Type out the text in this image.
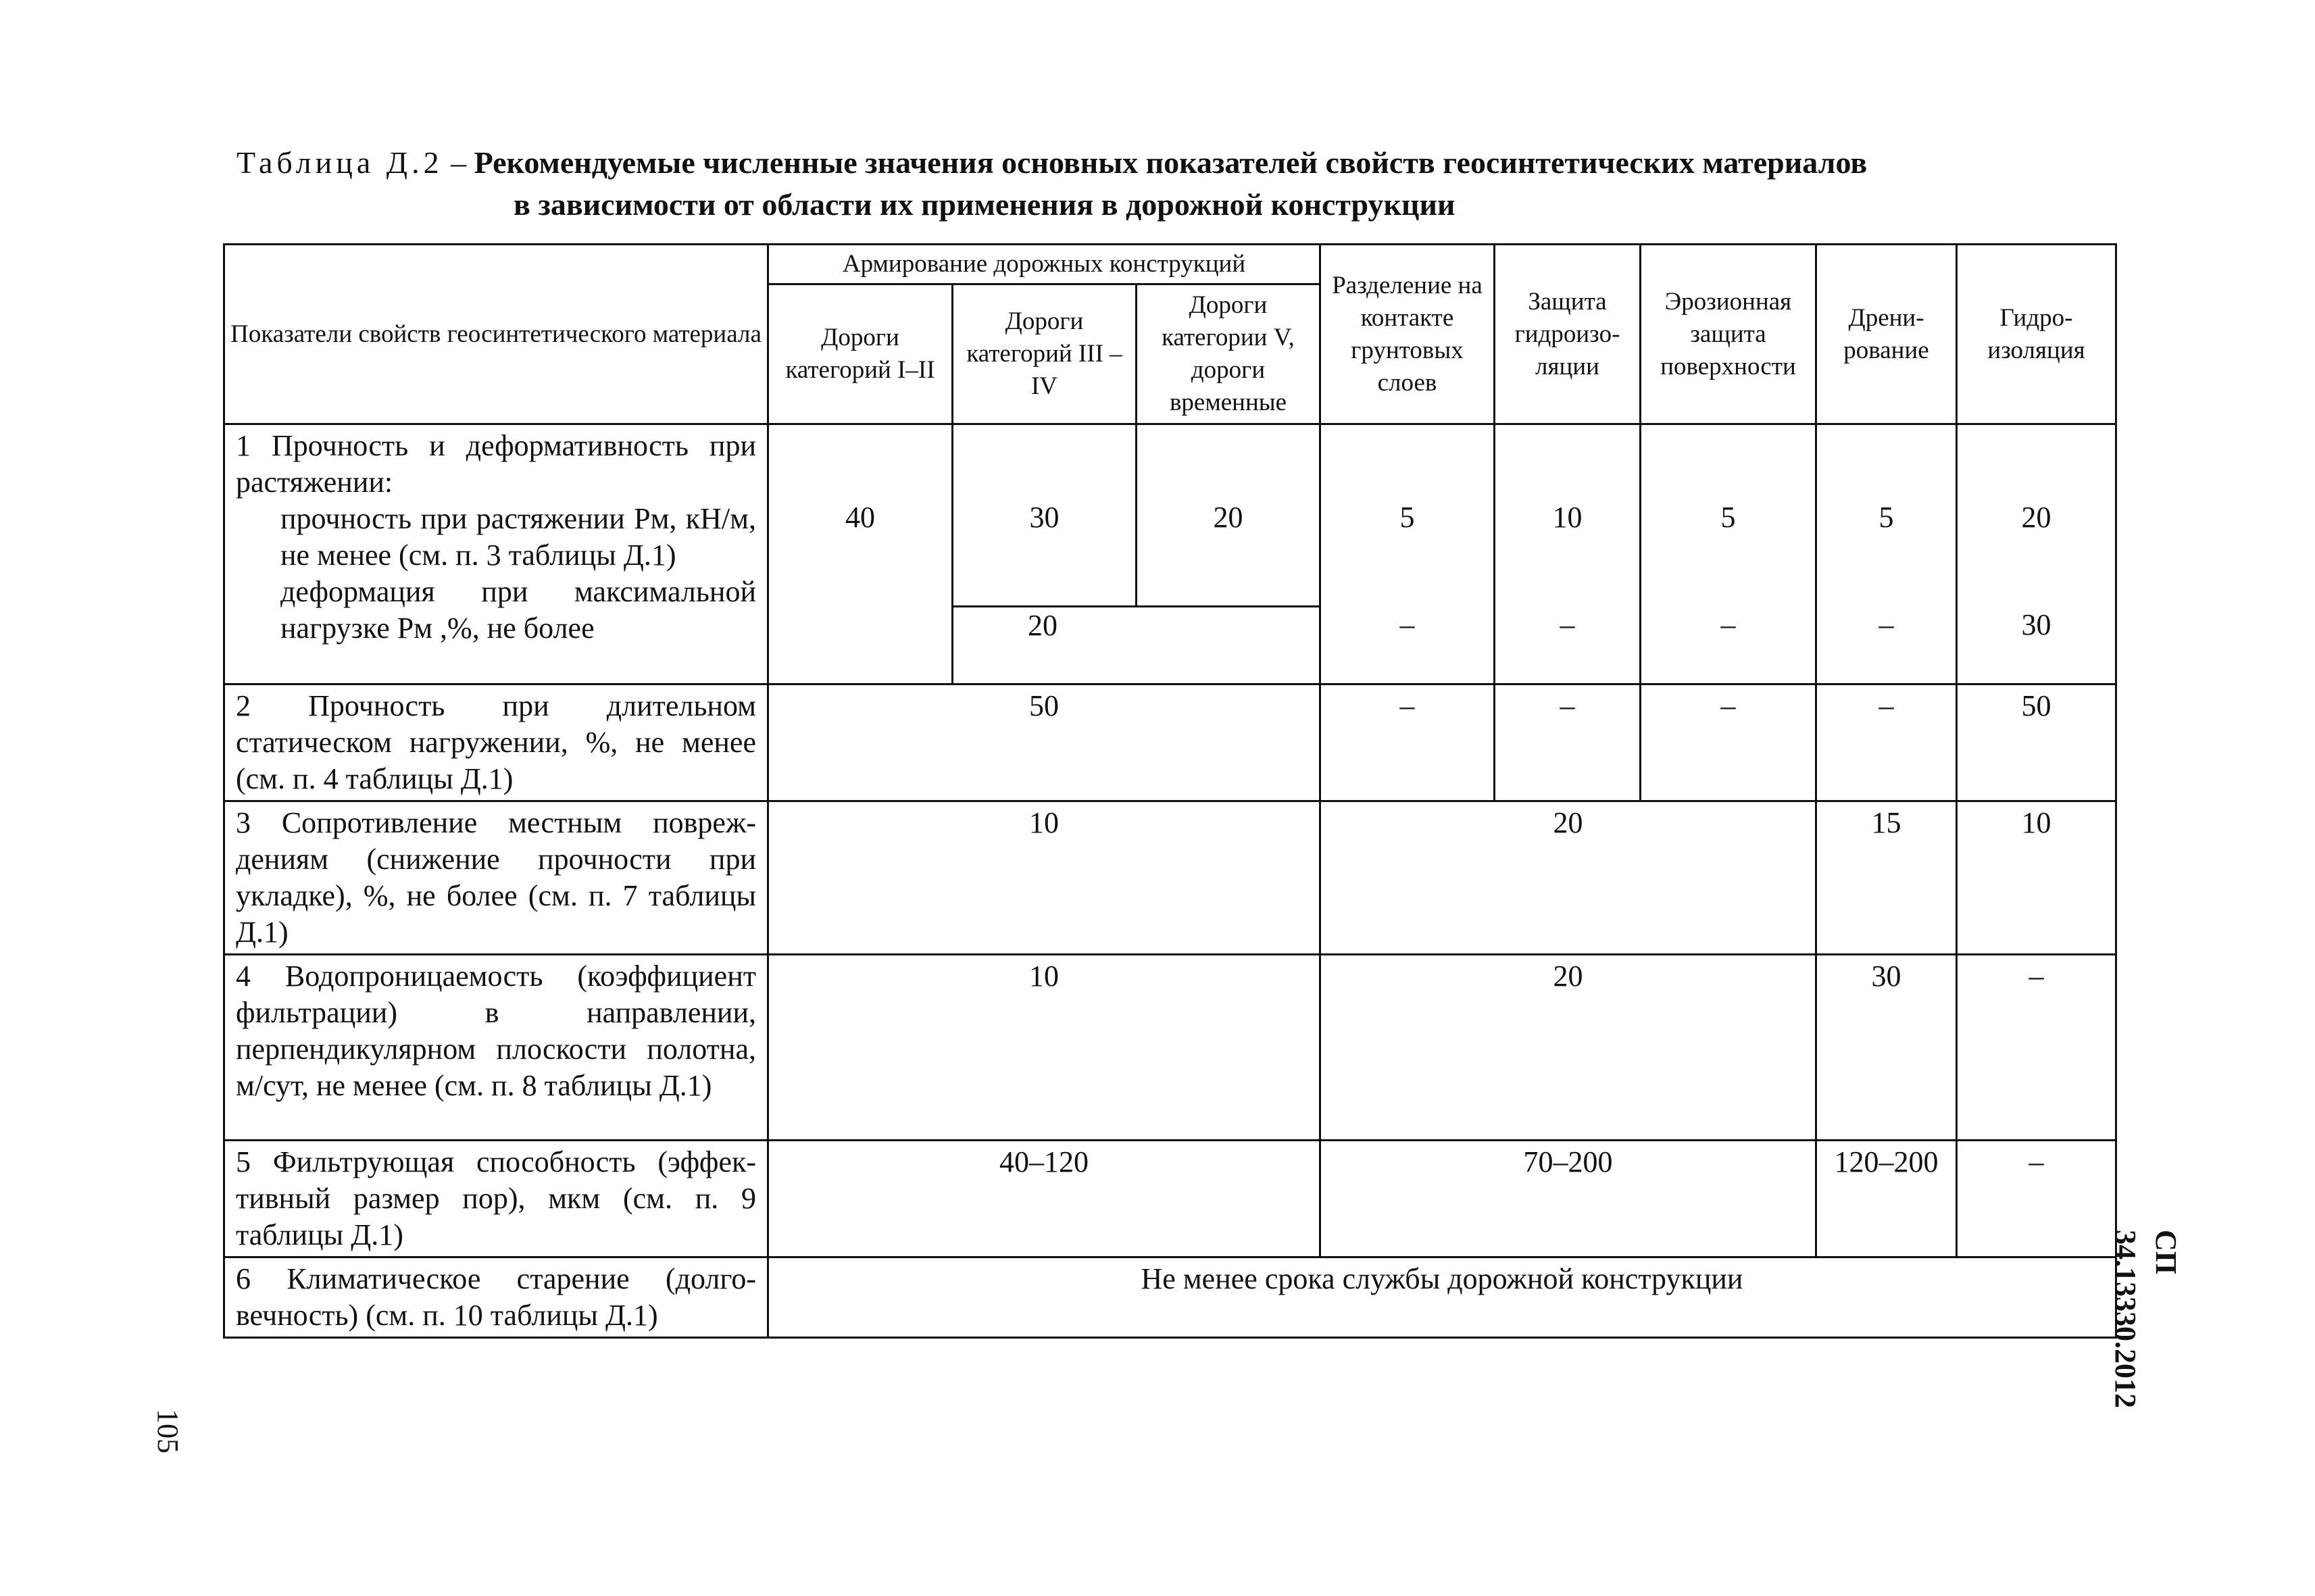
Таблица Д.2 – Рекомендуемые численные значения основных показателей свойств геосинтетических материалов
в зависимости от области их применения в дорожной конструкции
Показатели свойств геосинтетического материала	Армирование дорожных конструкций			Разделение на контакте грунтовых слоев	Защита гидроизо-ляции	Эрозионная защита поверхности	Дрени-рование	Гидро-изоляция
	Дороги категорий I–II	Дороги категорий III – IV	Дороги категории V, дороги временные					
1 Прочность и деформативность при растяжении:
прочность при растяжении Pм, кН/м, не менее (см. п. 3 таблицы Д.1)
деформация при максимальной нагрузке Pм ,%, не более	40	30	20	5	10	5	5	20
		20		–	–	–	–	30
2 Прочность при длительном статическом нагружении, %, не менее (см. п. 4 таблицы Д.1)	50			–	–	–	–	50
3 Сопротивление местным повреж-дениям (снижение прочности при укладке), %, не более (см. п. 7 таблицы Д.1)	10			20			15	10
4 Водопроницаемость (коэффициент фильтрации) в направлении, перпендикулярном плоскости полотна, м/сут, не менее (см. п. 8 таблицы Д.1)	10			20			30	–
5 Фильтрующая способность (эффек-тивный размер пор), мкм (см. п. 9 таблицы Д.1)	40–120			70–200			120–200	–
6 Климатическое старение (долго-вечность) (см. п. 10 таблицы Д.1)	Не менее срока службы дорожной конструкции							
СП 34.13330.2012
105
